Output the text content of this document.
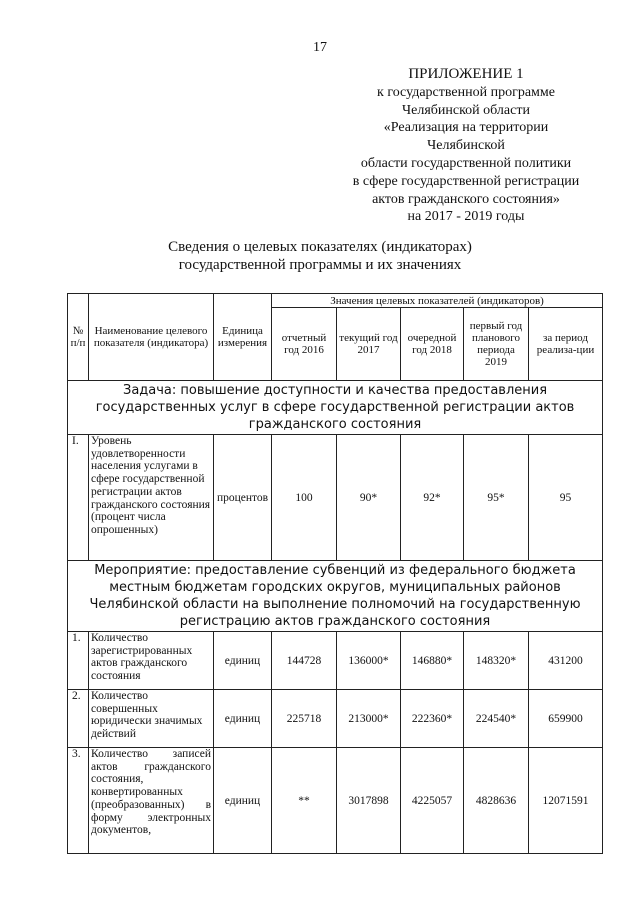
17
ПРИЛОЖЕНИЕ 1
к государственной программе
Челябинской области
«Реализация на территории
Челябинской
области государственной политики
в сфере государственной регистрации
актов гражданского состояния»
на 2017 - 2019 годы
Сведения о целевых показателях (индикаторах)
государственной программы и их значениях
№ п/п	Наименование целевого показателя (индикатора)	Единица измерения	Значения целевых показателей (индикаторов)				
			отчетный год 2016	текущий год 2017	очередной год 2018	первый год планового периода 2019	за период реализа-ции
Задача: повышение доступности и качества предоставления государственных услуг в сфере государственной регистрации актов гражданского состояния							
I.	Уровень удовлетворенности населения услугами в сфере государственной регистрации актов гражданского состояния (процент числа опрошенных)	процентов	100	90*	92*	95*	95
Мероприятие: предоставление субвенций из федерального бюджета местным бюджетам городских округов, муниципальных районов Челябинской области на выполнение полномочий на государственную регистрацию актов гражданского состояния							
1.	Количество зарегистрированных актов гражданского состояния	единиц	144728	136000*	146880*	148320*	431200
2.	Количество совершенных юридически значимых действий	единиц	225718	213000*	222360*	224540*	659900
3.	Количество записей актов гражданского состояния, конвертированных (преобразованных) в форму электронных документов,	единиц	**	3017898	4225057	4828636	12071591
